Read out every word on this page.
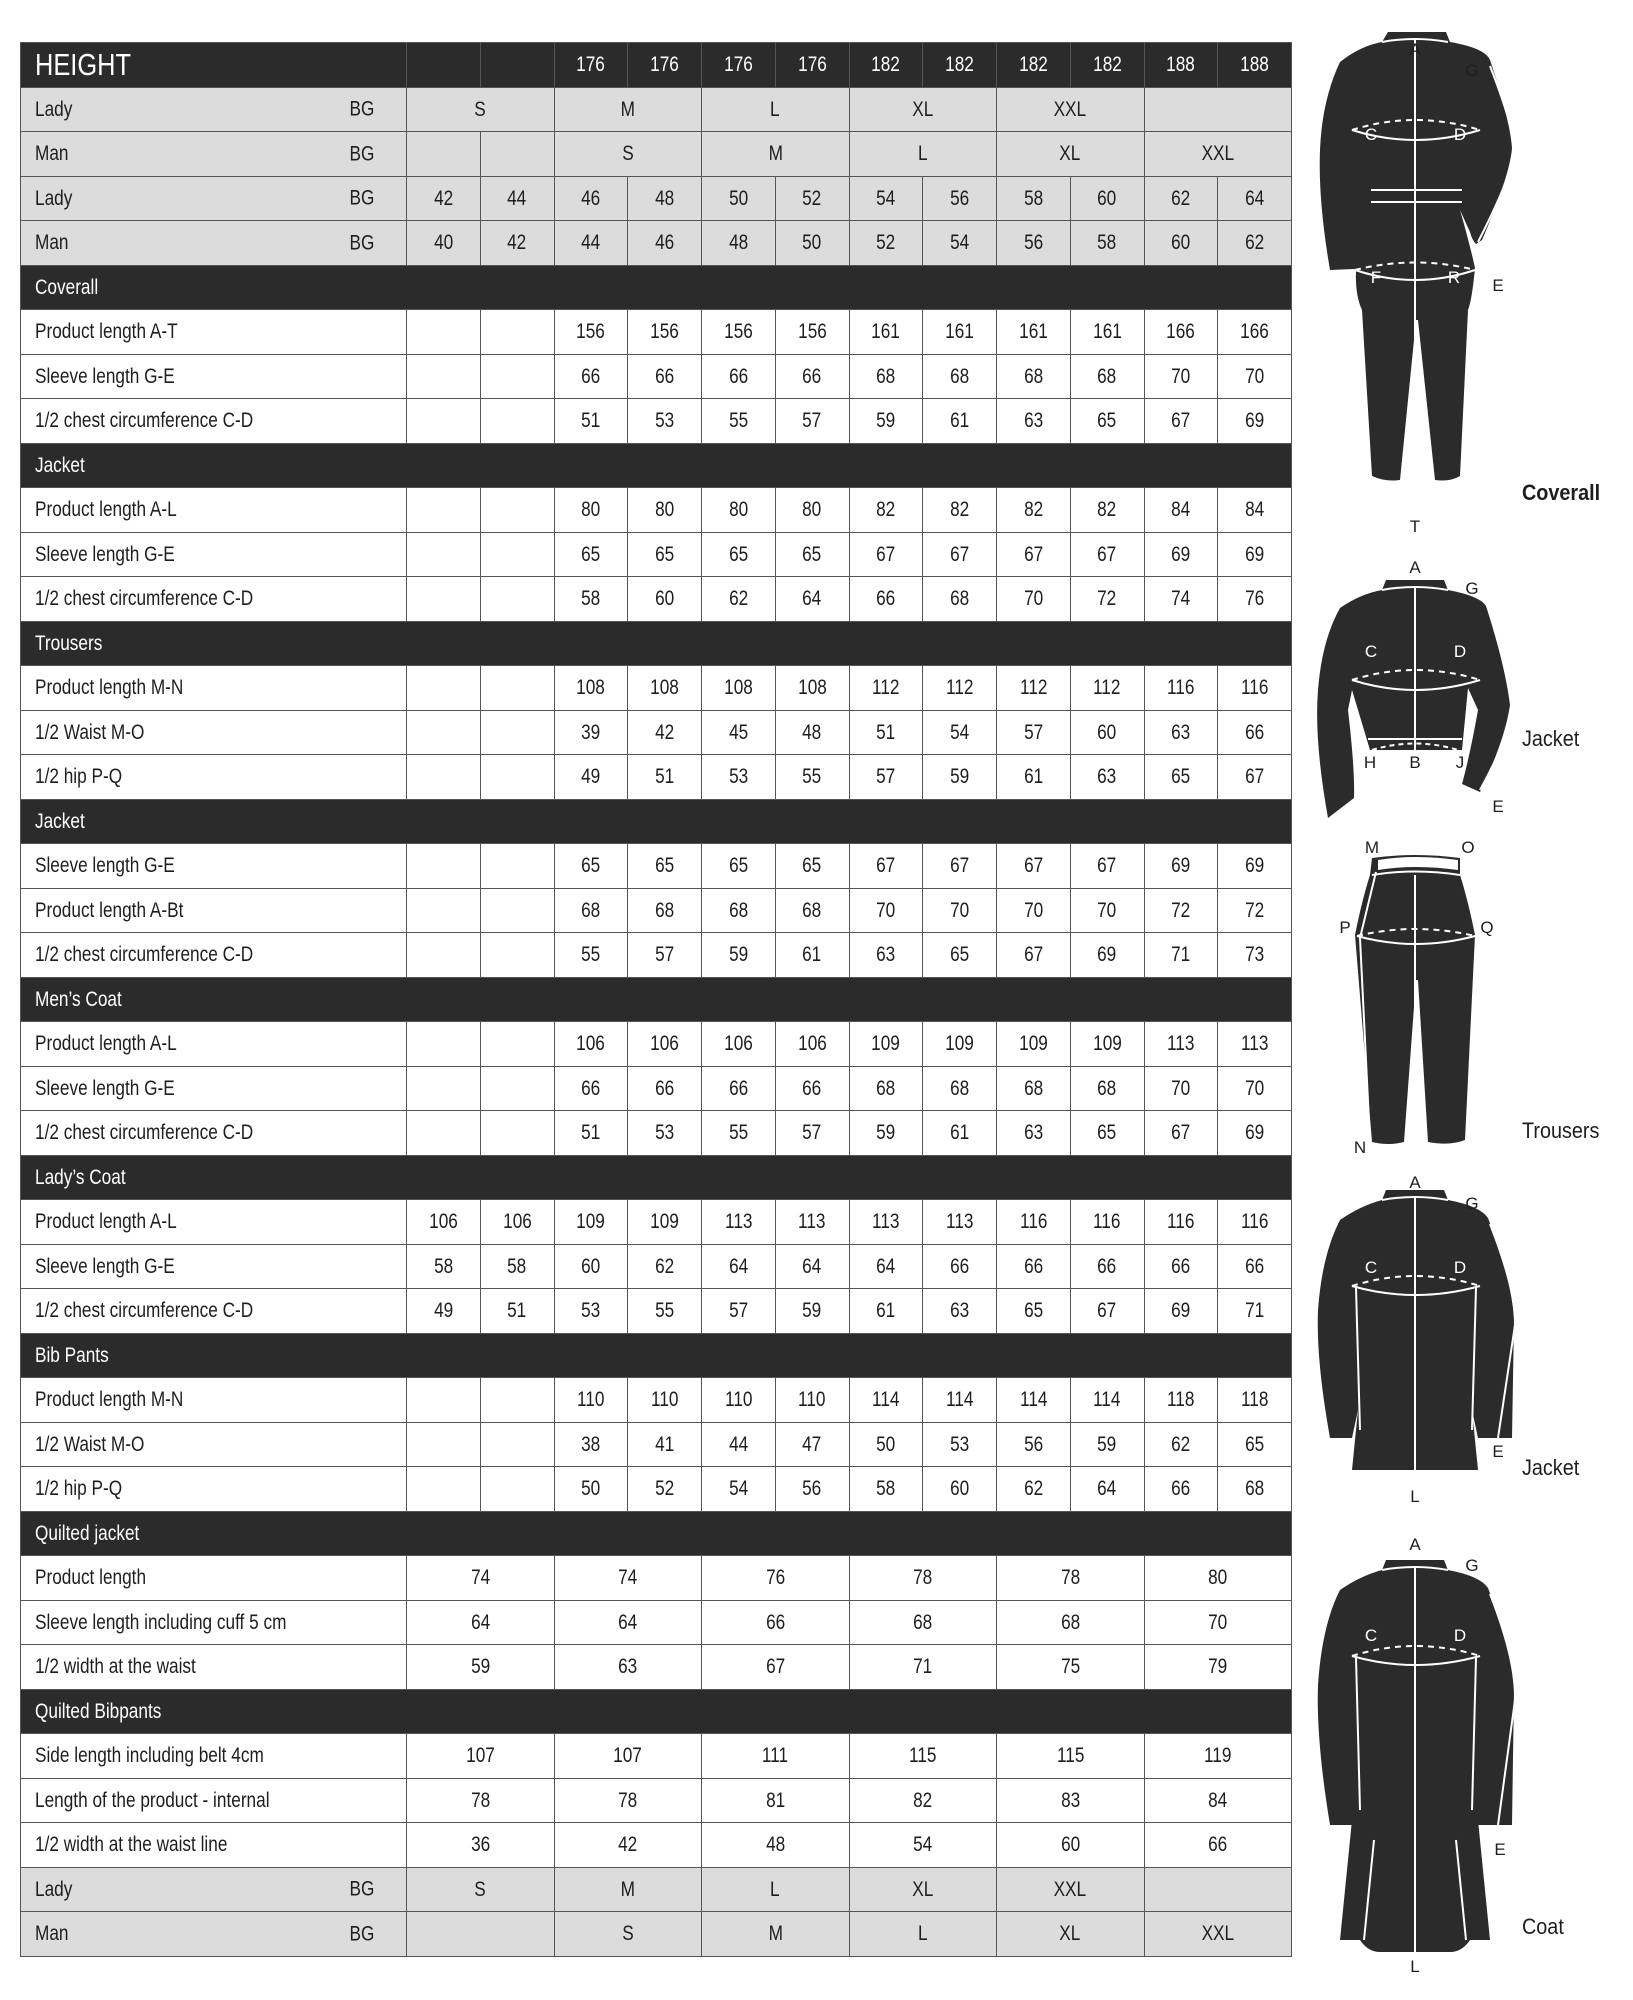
HEIGHT			176	176	176	176	182	182	182	182	188	188
Lady BG	S		M		L		XL		XXL			
Man BG			S		M		L		XL		XXL	
Lady BG	42	44	46	48	50	52	54	56	58	60	62	64
Man BG	40	42	44	46	48	50	52	54	56	58	60	62
Coverall												
Product length A-T			156	156	156	156	161	161	161	161	166	166
Sleeve length G-E			66	66	66	66	68	68	68	68	70	70
1/2 chest circumference C-D			51	53	55	57	59	61	63	65	67	69
Jacket												
Product length A-L			80	80	80	80	82	82	82	82	84	84
Sleeve length G-E			65	65	65	65	67	67	67	67	69	69
1/2 chest circumference C-D			58	60	62	64	66	68	70	72	74	76
Trousers												
Product length M-N			108	108	108	108	112	112	112	112	116	116
1/2 Waist M-O			39	42	45	48	51	54	57	60	63	66
1/2 hip P-Q			49	51	53	55	57	59	61	63	65	67
Jacket												
Sleeve length G-E			65	65	65	65	67	67	67	67	69	69
Product length A-Bt			68	68	68	68	70	70	70	70	72	72
1/2 chest circumference C-D			55	57	59	61	63	65	67	69	71	73
Men’s Coat												
Product length A-L			106	106	106	106	109	109	109	109	113	113
Sleeve length G-E			66	66	66	66	68	68	68	68	70	70
1/2 chest circumference C-D			51	53	55	57	59	61	63	65	67	69
Lady’s Coat												
Product length A-L	106	106	109	109	113	113	113	113	116	116	116	116
Sleeve length G-E	58	58	60	62	64	64	64	66	66	66	66	66
1/2 chest circumference C-D	49	51	53	55	57	59	61	63	65	67	69	71
Bib Pants												
Product length M-N			110	110	110	110	114	114	114	114	118	118
1/2 Waist M-O			38	41	44	47	50	53	56	59	62	65
1/2 hip P-Q			50	52	54	56	58	60	62	64	66	68
Quilted jacket												
Product length	74		74		76		78		78		80	
Sleeve length including cuff 5 cm	64		64		66		68		68		70	
1/2 width at the waist	59		63		67		71		75		79	
Quilted Bibpants												
Side length including belt 4cm	107		107		111		115		115		119	
Length of the product - internal	78		78		81		82		83		84	
1/2 width at the waist line	36		42		48		54		60		66	
Lady BG	S		M		L		XL		XXL			
Man BG			S		M		L		XL		XXL	
A
G
C	D
F	R E
T
Coverall
A
G
C	D
H B J
E
Jacket
M	O
P	Q
N
Trousers
A
G
C	D
E
L
Jacket
A
G
C	D
E
L
Coat
